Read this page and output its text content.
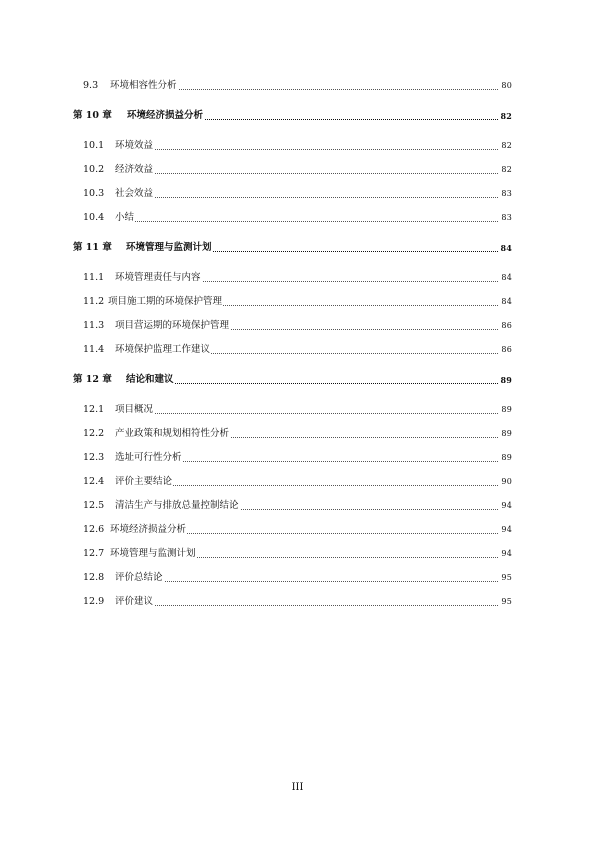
9.3 环境相容性分析	80
第 10 章 环境经济损益分析	82
10.1 环境效益	82
10.2 经济效益	82
10.3 社会效益	83
10.4 小结	83
第 11 章 环境管理与监测计划	84
11.1 环境管理责任与内容	84
11.2 项目施工期的环境保护管理	84
11.3 项目营运期的环境保护管理	86
11.4 环境保护监理工作建议	86
第 12 章 结论和建议	89
12.1 项目概况	89
12.2 产业政策和规划相符性分析	89
12.3 选址可行性分析	89
12.4 评价主要结论	90
12.5 清洁生产与排放总量控制结论	94
12.6 环境经济损益分析	94
12.7 环境管理与监测计划	94
12.8 评价总结论	95
12.9 评价建议	95
III
